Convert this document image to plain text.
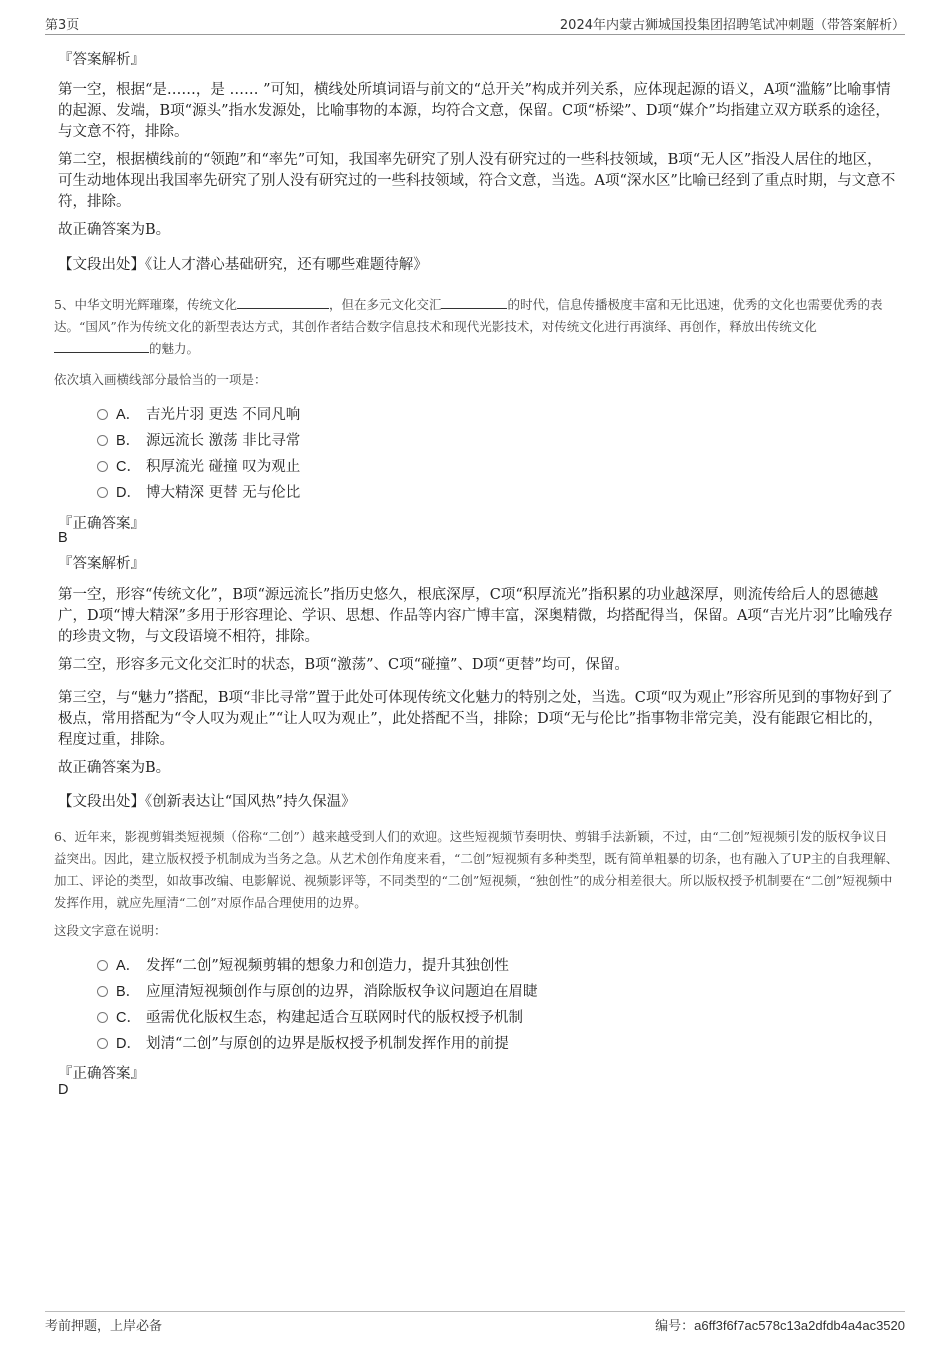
第3页	2024年内蒙古狮城国投集团招聘笔试冲刺题（带答案解析）
『答案解析』
第一空，根据“是……，是 …… ”可知，横线处所填词语与前文的“总开关”构成并列关系，应体现起源的语义，A项“滥觞”比喻事情的起源、发端，B项“源头”指水发源处，比喻事物的本源，均符合文意，保留。C项“桥梁”、D项“媒介”均指建立双方联系的途径，与文意不符，排除。
第二空，根据横线前的“领跑”和“率先”可知，我国率先研究了别人没有研究过的一些科技领域，B项“无人区”指没人居住的地区，可生动地体现出我国率先研究了别人没有研究过的一些科技领域，符合文意，当选。A项“深水区”比喻已经到了重点时期，与文意不符，排除。
故正确答案为B。
【文段出处】《让人才潜心基础研究，还有哪些难题待解》
5、中华文明光辉璀璨，传统文化	，但在多元文化交汇	的时代，信息传播极度丰富和无比迅速，优秀的文化也需要优秀的表达。“国风”作为传统文化的新型表达方式，其创作者结合数字信息技术和现代光影技术，对传统文化进行再演绎、再创作，释放出传统文化的魅力。
依次填入画横线部分最恰当的一项是：
A． 吉光片羽 更迭 不同凡响
B． 源远流长 激荡 非比寻常
C． 积厚流光 碰撞 叹为观止
D． 博大精深 更替 无与伦比
『正确答案』
B
『答案解析』
第一空，形容“传统文化”，B项“源远流长”指历史悠久，根底深厚，C项“积厚流光”指积累的功业越深厚，则流传给后人的恩德越广，D项“博大精深”多用于形容理论、学识、思想、作品等内容广博丰富，深奥精微，均搭配得当，保留。A项“吉光片羽”比喻残存的珍贵文物，与文段语境不相符，排除。
第二空，形容多元文化交汇时的状态，B项“激荡”、C项“碰撞”、D项“更替”均可，保留。
第三空，与“魅力”搭配，B项“非比寻常”置于此处可体现传统文化魅力的特别之处，当选。C项“叹为观止”形容所见到的事物好到了极点，常用搭配为“令人叹为观止”“让人叹为观止”，此处搭配不当，排除；D项“无与伦比”指事物非常完美，没有能跟它相比的，程度过重，排除。
故正确答案为B。
【文段出处】《创新表达让“国风热”持久保温》
6、近年来，影视剪辑类短视频（俗称“二创”）越来越受到人们的欢迎。这些短视频节奏明快、剪辑手法新颖，不过，由“二创”短视频引发的版权争议日益突出。因此，建立版权授予机制成为当务之急。从艺术创作角度来看，“二创”短视频有多种类型，既有简单粗暴的切条，也有融入了UP主的自我理解、加工、评论的类型，如故事改编、电影解说、视频影评等，不同类型的“二创”短视频，“独创性”的成分相差很大。所以版权授予机制要在“二创”短视频中发挥作用，就应先厘清“二创”对原作品合理使用的边界。
这段文字意在说明：
A． 发挥“二创”短视频剪辑的想象力和创造力，提升其独创性
B． 应厘清短视频创作与原创的边界，消除版权争议问题迫在眉睫
C． 亟需优化版权生态，构建起适合互联网时代的版权授予机制
D． 划清“二创”与原创的边界是版权授予机制发挥作用的前提
『正确答案』
D
考前押题，上岸必备	编号：a6ff3f6f7ac578c13a2dfdb4a4ac3520
